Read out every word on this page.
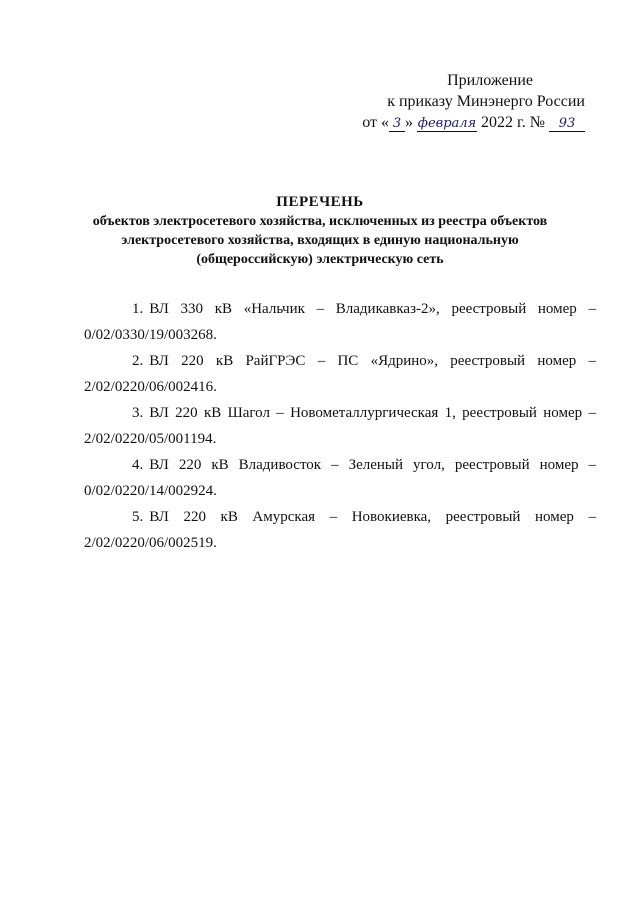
Приложение
к приказу Минэнерго России
от « 3 » февраля 2022 г. № 93
ПЕРЕЧЕНЬ
объектов электросетевого хозяйства, исключенных из реестра объектов
электросетевого хозяйства, входящих в единую национальную
(общероссийскую) электрическую сеть
1. ВЛ 330 кВ «Нальчик – Владикавказ-2», реестровый номер –
0/02/0330/19/003268.
2. ВЛ 220 кВ РайГРЭС – ПС «Ядрино», реестровый номер –
2/02/0220/06/002416.
3. ВЛ 220 кВ Шагол – Новометаллургическая 1, реестровый номер –
2/02/0220/05/001194.
4. ВЛ 220 кВ Владивосток – Зеленый угол, реестровый номер –
0/02/0220/14/002924.
5. ВЛ 220 кВ Амурская – Новокиевка, реестровый номер –
2/02/0220/06/002519.
